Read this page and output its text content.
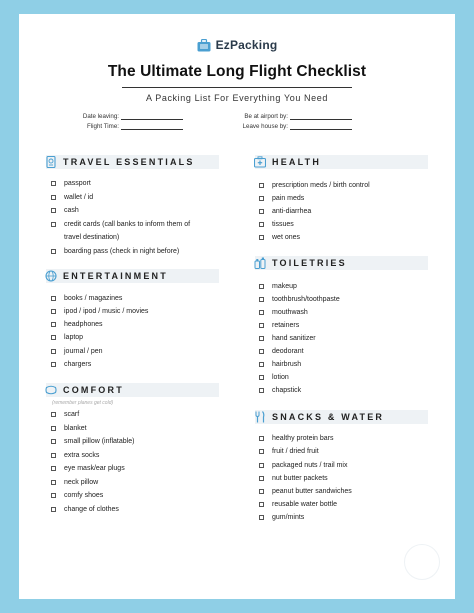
EzPacking
The Ultimate Long Flight Checklist
A Packing List For Everything You Need
Date leaving:
Flight Time:
Be at airport by:
Leave house by:
TRAVEL ESSENTIALS
passport
wallet / id
cash
credit cards (call banks to inform them of
travel destination)
boarding pass (check in night before)
ENTERTAINMENT
books / magazines
ipod / ipod / music / movies
headphones
laptop
journal / pen
chargers
COMFORT
(remember planes get cold)
scarf
blanket
small pillow (inflatable)
extra socks
eye mask/ear plugs
neck pillow
comfy shoes
change of clothes
HEALTH
prescription meds / birth control
pain meds
anti-diarrhea
tissues
wet ones
TOILETRIES
makeup
toothbrush/toothpaste
mouthwash
retainers
hand sanitizer
deodorant
hairbrush
lotion
chapstick
SNACKS & WATER
healthy protein bars
fruit / dried fruit
packaged nuts / trail mix
nut butter packets
peanut butter sandwiches
reusable water bottle
gum/mints
